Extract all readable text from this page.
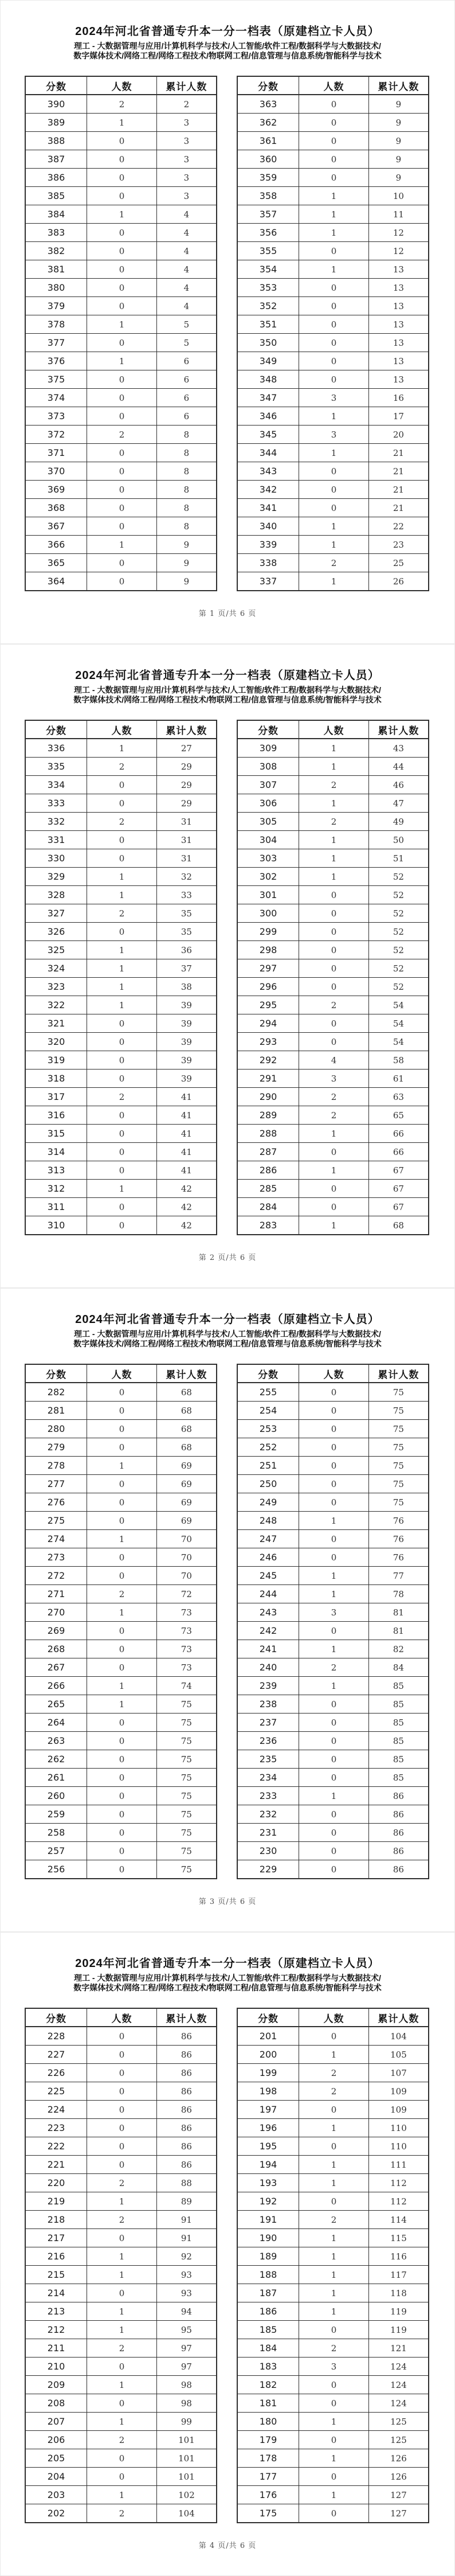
2024年河北省普通专升本一分一档表（原建档立卡人员）
理工 - 大数据管理与应用/计算机科学与技术/人工智能/软件工程/数据科学与大数据技术/
数字媒体技术/网络工程/网络工程技术/物联网工程/信息管理与信息系统/智能科学与技术
分数	人数	累计人数
390	2	2
389	1	3
388	0	3
387	0	3
386	0	3
385	0	3
384	1	4
383	0	4
382	0	4
381	0	4
380	0	4
379	0	4
378	1	5
377	0	5
376	1	6
375	0	6
374	0	6
373	0	6
372	2	8
371	0	8
370	0	8
369	0	8
368	0	8
367	0	8
366	1	9
365	0	9
364	0	9
分数	人数	累计人数
363	0	9
362	0	9
361	0	9
360	0	9
359	0	9
358	1	10
357	1	11
356	1	12
355	0	12
354	1	13
353	0	13
352	0	13
351	0	13
350	0	13
349	0	13
348	0	13
347	3	16
346	1	17
345	3	20
344	1	21
343	0	21
342	0	21
341	0	21
340	1	22
339	1	23
338	2	25
337	1	26
第 1 页/共 6 页
2024年河北省普通专升本一分一档表（原建档立卡人员）
理工 - 大数据管理与应用/计算机科学与技术/人工智能/软件工程/数据科学与大数据技术/
数字媒体技术/网络工程/网络工程技术/物联网工程/信息管理与信息系统/智能科学与技术
分数	人数	累计人数
336	1	27
335	2	29
334	0	29
333	0	29
332	2	31
331	0	31
330	0	31
329	1	32
328	1	33
327	2	35
326	0	35
325	1	36
324	1	37
323	1	38
322	1	39
321	0	39
320	0	39
319	0	39
318	0	39
317	2	41
316	0	41
315	0	41
314	0	41
313	0	41
312	1	42
311	0	42
310	0	42
分数	人数	累计人数
309	1	43
308	1	44
307	2	46
306	1	47
305	2	49
304	1	50
303	1	51
302	1	52
301	0	52
300	0	52
299	0	52
298	0	52
297	0	52
296	0	52
295	2	54
294	0	54
293	0	54
292	4	58
291	3	61
290	2	63
289	2	65
288	1	66
287	0	66
286	1	67
285	0	67
284	0	67
283	1	68
第 2 页/共 6 页
2024年河北省普通专升本一分一档表（原建档立卡人员）
理工 - 大数据管理与应用/计算机科学与技术/人工智能/软件工程/数据科学与大数据技术/
数字媒体技术/网络工程/网络工程技术/物联网工程/信息管理与信息系统/智能科学与技术
分数	人数	累计人数
282	0	68
281	0	68
280	0	68
279	0	68
278	1	69
277	0	69
276	0	69
275	0	69
274	1	70
273	0	70
272	0	70
271	2	72
270	1	73
269	0	73
268	0	73
267	0	73
266	1	74
265	1	75
264	0	75
263	0	75
262	0	75
261	0	75
260	0	75
259	0	75
258	0	75
257	0	75
256	0	75
分数	人数	累计人数
255	0	75
254	0	75
253	0	75
252	0	75
251	0	75
250	0	75
249	0	75
248	1	76
247	0	76
246	0	76
245	1	77
244	1	78
243	3	81
242	0	81
241	1	82
240	2	84
239	1	85
238	0	85
237	0	85
236	0	85
235	0	85
234	0	85
233	1	86
232	0	86
231	0	86
230	0	86
229	0	86
第 3 页/共 6 页
2024年河北省普通专升本一分一档表（原建档立卡人员）
理工 - 大数据管理与应用/计算机科学与技术/人工智能/软件工程/数据科学与大数据技术/
数字媒体技术/网络工程/网络工程技术/物联网工程/信息管理与信息系统/智能科学与技术
分数	人数	累计人数
228	0	86
227	0	86
226	0	86
225	0	86
224	0	86
223	0	86
222	0	86
221	0	86
220	2	88
219	1	89
218	2	91
217	0	91
216	1	92
215	1	93
214	0	93
213	1	94
212	1	95
211	2	97
210	0	97
209	1	98
208	0	98
207	1	99
206	2	101
205	0	101
204	0	101
203	1	102
202	2	104
分数	人数	累计人数
201	0	104
200	1	105
199	2	107
198	2	109
197	0	109
196	1	110
195	0	110
194	1	111
193	1	112
192	0	112
191	2	114
190	1	115
189	1	116
188	1	117
187	1	118
186	1	119
185	0	119
184	2	121
183	3	124
182	0	124
181	0	124
180	1	125
179	0	125
178	1	126
177	0	126
176	1	127
175	0	127
第 4 页/共 6 页
